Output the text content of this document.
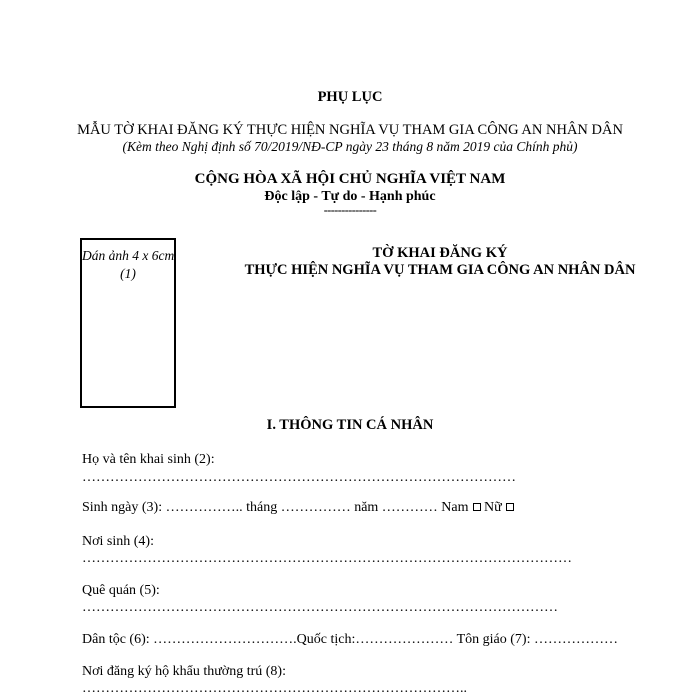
PHỤ LỤC
MẪU TỜ KHAI ĐĂNG KÝ THỰC HIỆN NGHĨA VỤ THAM GIA CÔNG AN NHÂN DÂN
(Kèm theo Nghị định số 70/2019/NĐ-CP ngày 23 tháng 8 năm 2019 của Chính phủ)
CỘNG HÒA XÃ HỘI CHỦ NGHĨA VIỆT NAM
Độc lập - Tự do - Hạnh phúc
---------------
Dán ảnh 4 x 6cm
(1)
TỜ KHAI ĐĂNG KÝ
THỰC HIỆN NGHĨA VỤ THAM GIA CÔNG AN NHÂN DÂN
I. THÔNG TIN CÁ NHÂN
Họ và tên khai sinh (2):
…………………………………………………………………………………
Sinh ngày (3): …………….. tháng …………… năm ………… Nam Nữ
Nơi sinh (4):
……………………………………………………………………………………………
Quê quán (5):
…………………………………………………………………………………………
Dân tộc (6): ………………………….Quốc tịch:………………… Tôn giáo (7): ………………
Nơi đăng ký hộ khẩu thường trú (8):
………………………………………………………………………..
